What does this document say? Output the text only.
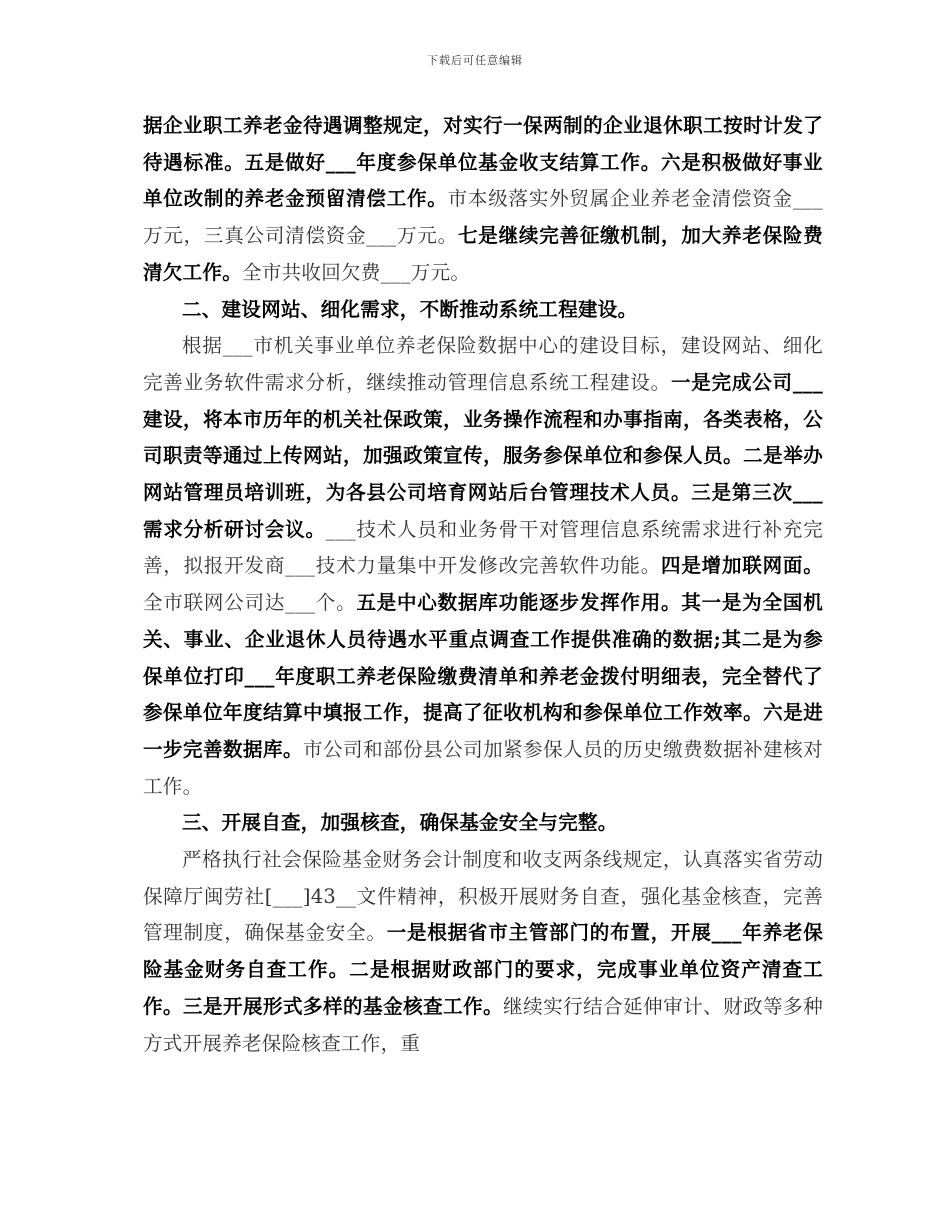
下载后可任意编辑

据企业职工养老金待遇调整规定，对实行一保两制的企业退休职工按时计发了待遇标准。五是做好___年度参保单位基金收支结算工作。六是积极做好事业单位改制的养老金预留清偿工作。市本级落实外贸属企业养老金清偿资金___万元，三真公司清偿资金___万元。七是继续完善征缴机制，加大养老保险费清欠工作。全市共收回欠费___万元。

二、建设网站、细化需求，不断推动系统工程建设。

根据___市机关事业单位养老保险数据中心的建设目标，建设网站、细化完善业务软件需求分析，继续推动管理信息系统工程建设。一是完成公司___建设，将本市历年的机关社保政策，业务操作流程和办事指南，各类表格，公司职责等通过上传网站，加强政策宣传，服务参保单位和参保人员。二是举办网站管理员培训班，为各县公司培育网站后台管理技术人员。三是第三次___需求分析研讨会议。___技术人员和业务骨干对管理信息系统需求进行补充完善，拟报开发商___技术力量集中开发修改完善软件功能。四是增加联网面。全市联网公司达___个。五是中心数据库功能逐步发挥作用。其一是为全国机关、事业、企业退休人员待遇水平重点调查工作提供准确的数据;其二是为参保单位打印___年度职工养老保险缴费清单和养老金拨付明细表，完全替代了参保单位年度结算中填报工作，提高了征收机构和参保单位工作效率。六是进一步完善数据库。市公司和部份县公司加紧参保人员的历史缴费数据补建核对工作。

三、开展自查，加强核查，确保基金安全与完整。

严格执行社会保险基金财务会计制度和收支两条线规定，认真落实省劳动保障厅闽劳社[___]43__文件精神，积极开展财务自查，强化基金核查，完善管理制度，确保基金安全。一是根据省市主管部门的布置，开展___年养老保险基金财务自查工作。二是根据财政部门的要求，完成事业单位资产清查工作。三是开展形式多样的基金核查工作。继续实行结合延伸审计、财政等多种方式开展养老保险核查工作，重
